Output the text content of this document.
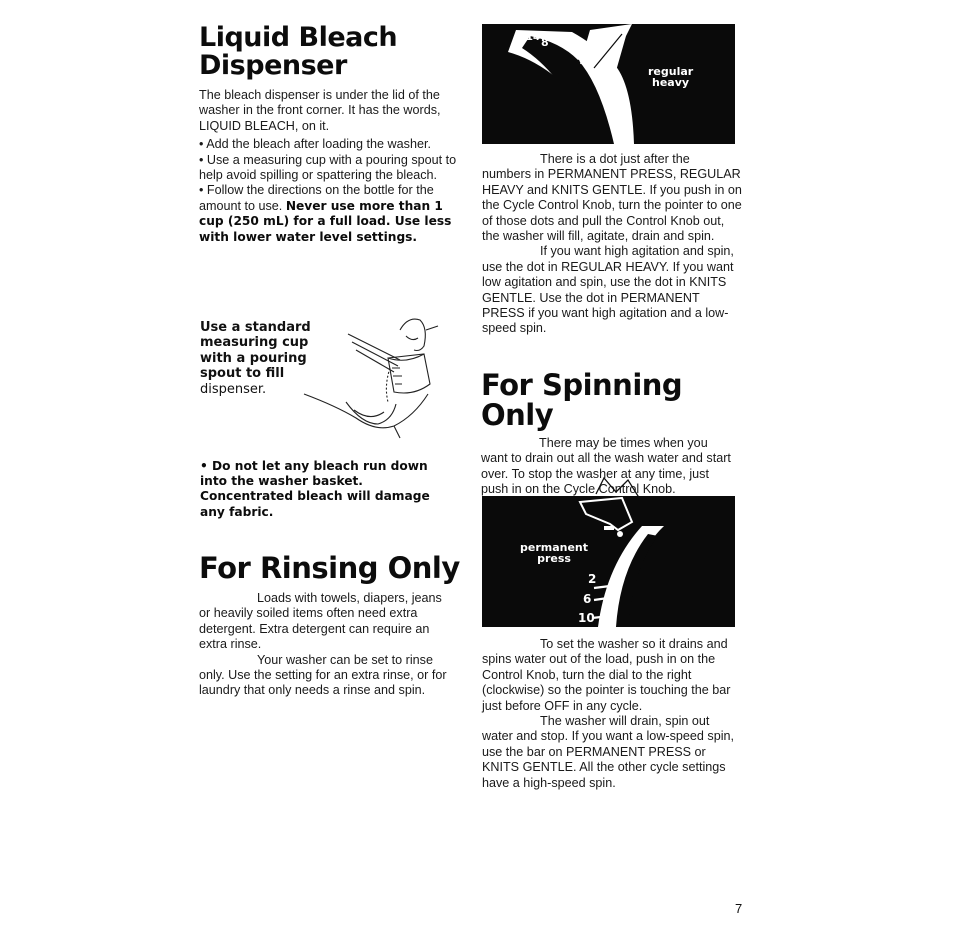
Liquid Bleach
Dispenser

The bleach dispenser is under the lid of the washer in the front corner. It has the words, LIQUID BLEACH, on it.

• Add the bleach after loading the washer.

• Use a measuring cup with a pouring spout to help avoid spilling or spattering the bleach.

• Follow the directions on the bottle for the amount to use. Never use more than 1 cup (250 mL) for a full load. Use less with lower water level settings.

Use a standard measuring cup with a pouring spout to fill dispenser.
• Do not let any bleach run down into the washer basket. Concentrated bleach will damage any fabric.
For Rinsing Only

Loads with towels, diapers, jeans or heavily soiled items often need extra detergent. Extra detergent can require an extra rinse.

Your washer can be set to rinse only. Use the setting for an extra rinse, or for laundry that only needs a rinse and spin.

14 8
2
regular
heavy

There is a dot just after the numbers in PERMANENT PRESS, REGULAR HEAVY and KNITS GENTLE. If you push in on the Cycle Control Knob, turn the pointer to one of those dots and pull the Control Knob out, the washer will fill, agitate, drain and spin.

If you want high agitation and spin, use the dot in REGULAR HEAVY. If you want low agitation and spin, use the dot in KNITS GENTLE. Use the dot in PERMANENT PRESS if you want high agitation and a low-speed spin.

For Spinning Only

There may be times when you want to drain out all the wash water and start over. To stop the washer at any time, just push in on the Cycle Control Knob.

permanent
press
2
6
10

To set the washer so it drains and spins water out of the load, push in on the Control Knob, turn the dial to the right (clockwise) so the pointer is touching the bar just before OFF in any cycle.

The washer will drain, spin out water and stop. If you want a low-speed spin, use the bar on PERMANENT PRESS or KNITS GENTLE. All the other cycle settings have a high-speed spin.

7
